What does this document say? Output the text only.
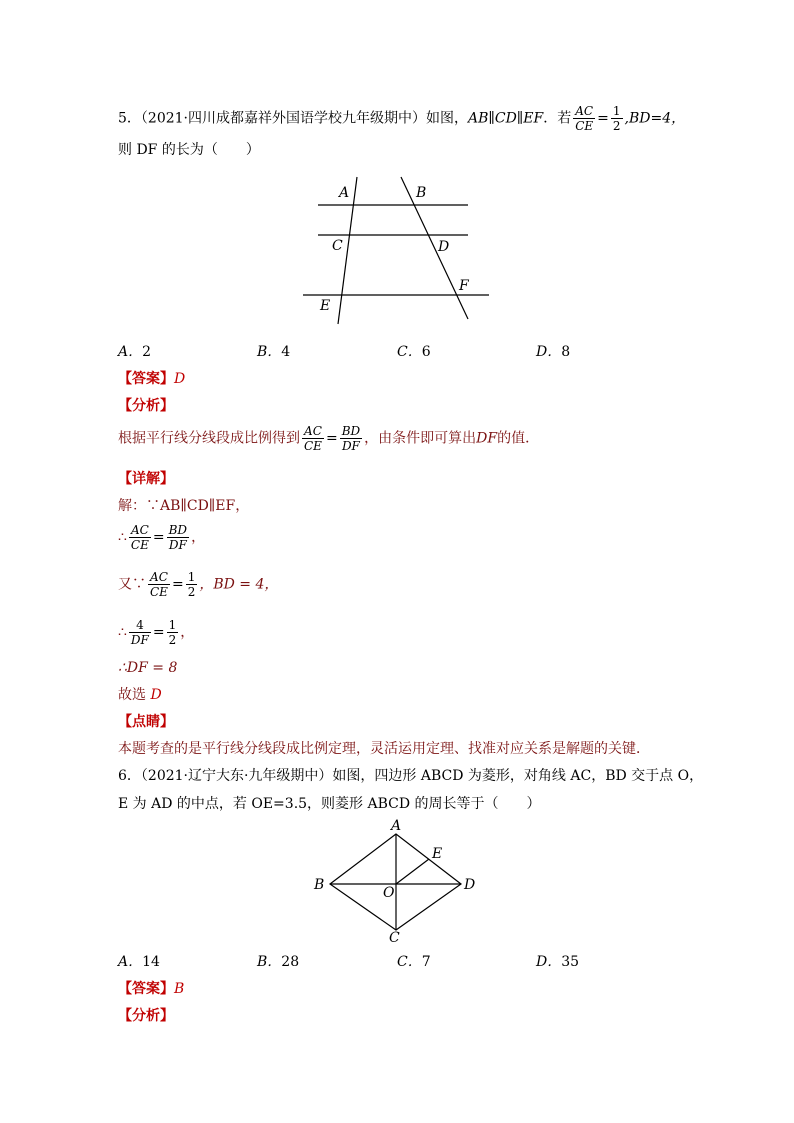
5．（2021·四川成都嘉祥外国语学校九年级期中）如图，AB∥CD∥EF．若 $\frac{AC}{CE} = \frac{1}{2} ,BD=4$，
则 DF 的长为（　　）
A	B
C	D
E
F
A．2	B．4	C．6	D．8
【答案】D
【分析】
根据平行线分线段成比例得到 $\frac{AC}{CE} = \frac{BD}{DF}$ ，由条件即可算出DF的值．
【详解】
解：∵AB∥CD∥EF，
∴ $\frac{AC}{CE} = \frac{BD}{DF}$ ，
又∵ $\frac{AC}{CE} = \frac{1}{2}$ ，BD = 4，
∴ $\frac{4}{DF} = \frac{1}{2}$ ，
∴DF = 8
故选 D
【点睛】
本题考查的是平行线分线段成比例定理，灵活运用定理、找准对应关系是解题的关键．
6．（2021·辽宁大东·九年级期中）如图，四边形 ABCD 为菱形，对角线 AC，BD 交于点 O，
E 为 AD 的中点，若 OE=3.5，则菱形 ABCD 的周长等于（　　）
A
B
C
D
E
O
A．14	B．28	C．7	D．35
【答案】B
【分析】
